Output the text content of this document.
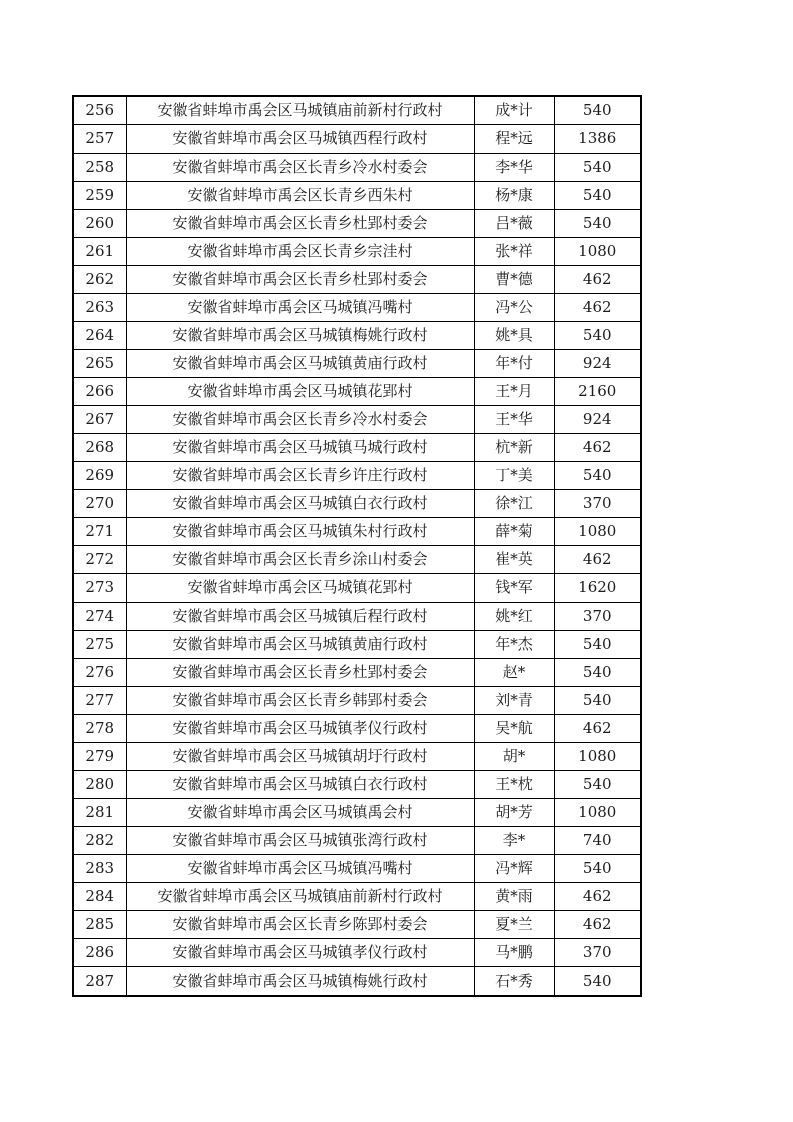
256	安徽省蚌埠市禹会区马城镇庙前新村行政村	成*计	540
257	安徽省蚌埠市禹会区马城镇西程行政村	程*远	1386
258	安徽省蚌埠市禹会区长青乡冷水村委会	李*华	540
259	安徽省蚌埠市禹会区长青乡西朱村	杨*康	540
260	安徽省蚌埠市禹会区长青乡杜郢村委会	吕*薇	540
261	安徽省蚌埠市禹会区长青乡宗洼村	张*祥	1080
262	安徽省蚌埠市禹会区长青乡杜郢村委会	曹*德	462
263	安徽省蚌埠市禹会区马城镇冯嘴村	冯*公	462
264	安徽省蚌埠市禹会区马城镇梅姚行政村	姚*具	540
265	安徽省蚌埠市禹会区马城镇黄庙行政村	年*付	924
266	安徽省蚌埠市禹会区马城镇花郢村	王*月	2160
267	安徽省蚌埠市禹会区长青乡冷水村委会	王*华	924
268	安徽省蚌埠市禹会区马城镇马城行政村	杭*新	462
269	安徽省蚌埠市禹会区长青乡许庄行政村	丁*美	540
270	安徽省蚌埠市禹会区马城镇白衣行政村	徐*江	370
271	安徽省蚌埠市禹会区马城镇朱村行政村	薛*菊	1080
272	安徽省蚌埠市禹会区长青乡涂山村委会	崔*英	462
273	安徽省蚌埠市禹会区马城镇花郢村	钱*军	1620
274	安徽省蚌埠市禹会区马城镇后程行政村	姚*红	370
275	安徽省蚌埠市禹会区马城镇黄庙行政村	年*杰	540
276	安徽省蚌埠市禹会区长青乡杜郢村委会	赵*	540
277	安徽省蚌埠市禹会区长青乡韩郢村委会	刘*青	540
278	安徽省蚌埠市禹会区马城镇孝仪行政村	吴*航	462
279	安徽省蚌埠市禹会区马城镇胡圩行政村	胡*	1080
280	安徽省蚌埠市禹会区马城镇白衣行政村	王*枕	540
281	安徽省蚌埠市禹会区马城镇禹会村	胡*芳	1080
282	安徽省蚌埠市禹会区马城镇张湾行政村	李*	740
283	安徽省蚌埠市禹会区马城镇冯嘴村	冯*辉	540
284	安徽省蚌埠市禹会区马城镇庙前新村行政村	黄*雨	462
285	安徽省蚌埠市禹会区长青乡陈郢村委会	夏*兰	462
286	安徽省蚌埠市禹会区马城镇孝仪行政村	马*鹏	370
287	安徽省蚌埠市禹会区马城镇梅姚行政村	石*秀	540
